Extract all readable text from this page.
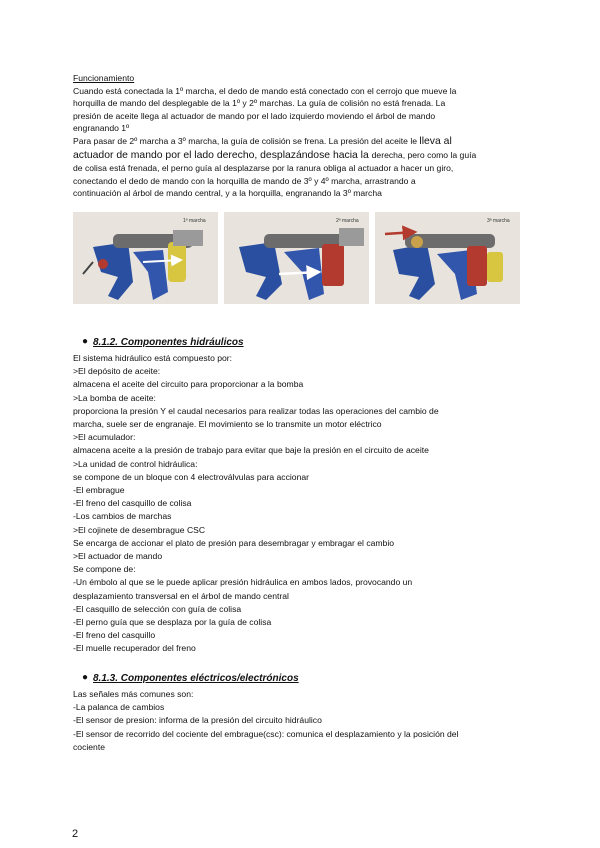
Funcionamiento
Cuando está conectada la 1º marcha, el dedo de mando está conectado con el cerrojo que mueve la
horquilla de mando del desplegable de la 1º y 2º marchas. La guía de colisión no está frenada. La
presión de aceite llega al actuador de mando por el lado izquierdo moviendo el árbol de mando
engranando 1º
Para pasar de 2º marcha a 3º marcha, la guía de colisión se frena. La presión del aceite le lleva al
actuador de mando por el lado derecho, desplazándose hacia la derecha, pero como la guía
de colisa está frenada, el perno guía al desplazarse por la ranura obliga al actuador a hacer un giro,
conectando el dedo de mando con la horquilla de mando de 3º y 4º marcha, arrastrando a
continuación al árbol de mando central, y a la horquilla, engranando la 3º marcha
1ª marcha	2ª marcha	3ª marcha
● 8.1.2. Componentes hidráulicos
El sistema hidráulico está compuesto por:
>El depósito de aceite:
almacena el aceite del circuito para proporcionar a la bomba
>La bomba de aceite:
proporciona la presión Y el caudal necesarios para realizar todas las operaciones del cambio de
marcha, suele ser de engranaje. El movimiento se lo transmite un motor eléctrico
>El acumulador:
almacena aceite a la presión de trabajo para evitar que baje la presión en el circuito de aceite
>La unidad de control hidráulica:
se compone de un bloque con 4 electroválvulas para accionar
-El embrague
-El freno del casquillo de colisa
-Los cambios de marchas
>El cojinete de desembrague CSC
Se encarga de accionar el plato de presión para desembragar y embragar el cambio
>El actuador de mando
Se compone de:
-Un émbolo al que se le puede aplicar presión hidráulica en ambos lados, provocando un
desplazamiento transversal en el árbol de mando central
-El casquillo de selección con guía de colisa
-El perno guía que se desplaza por la guía de colisa
-El freno del casquillo
-El muelle recuperador del freno
● 8.1.3. Componentes eléctricos/electrónicos
Las señales más comunes son:
-La palanca de cambios
-El sensor de presion: informa de la presión del circuito hidráulico
-El sensor de recorrido del cociente del embrague(csc): comunica el desplazamiento y la posición del
cociente
2
